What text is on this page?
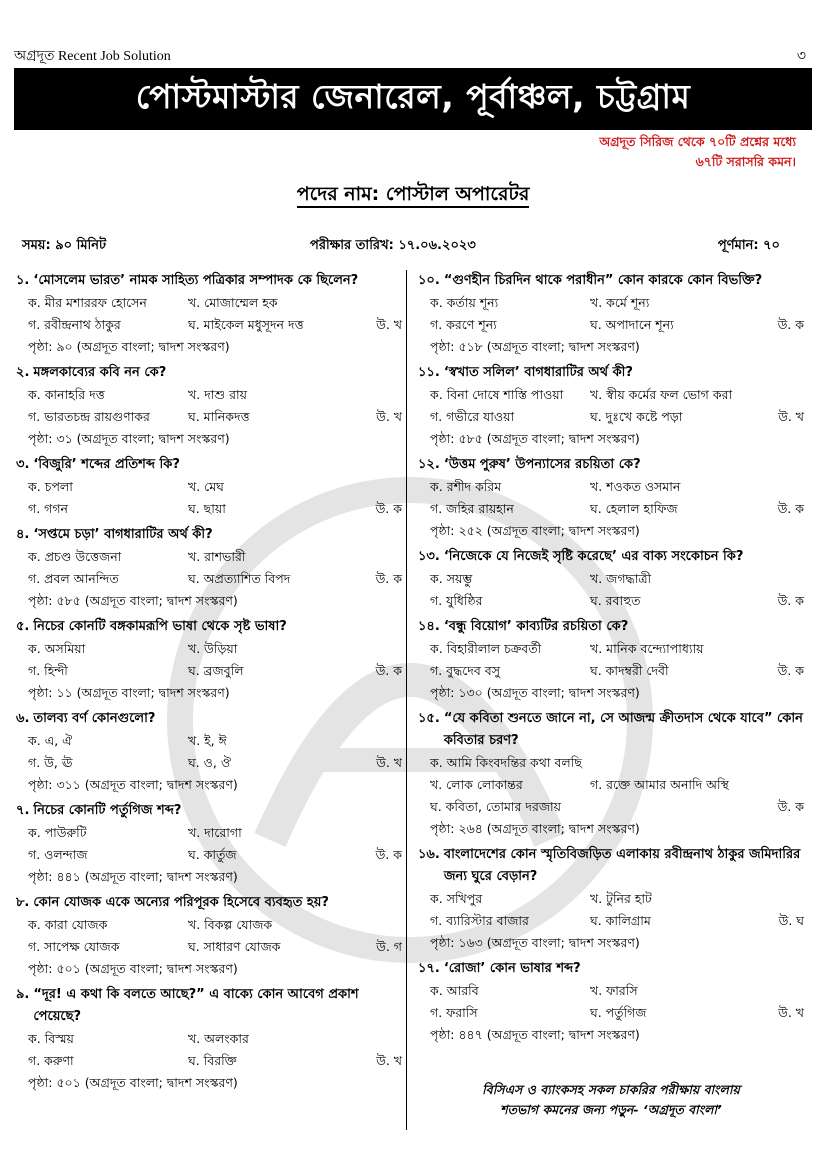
অগ্রদূত Recent Job Solution	৩
পোস্টমাস্টার জেনারেল, পূর্বাঞ্চল, চট্টগ্রাম
অগ্রদূত সিরিজ থেকে ৭০টি প্রশ্নের মধ্যে
৬৭টি সরাসরি কমন।
পদের নাম: পোস্টাল অপারেটর
সময়: ৯০ মিনিট	পরীক্ষার তারিখ: ১৭.০৬.২০২৩	পূর্ণমান: ৭০
১. ‘মোসলেম ভারত’ নামক সাহিত্য পত্রিকার সম্পাদক কে ছিলেন?
ক. মীর মশাররফ হোসেন	খ. মোজাম্মেল হক
গ. রবীন্দ্রনাথ ঠাকুর	ঘ. মাইকেল মধুসূদন দত্ত	উ. খ
পৃষ্ঠা: ৯০ (অগ্রদূত বাংলা; দ্বাদশ সংস্করণ)
২. মঙ্গলকাব্যের কবি নন কে?
ক. কানাহরি দত্ত	খ. দাশু রায়
গ. ভারতচন্দ্র রায়গুণাকর	ঘ. মানিকদত্ত	উ. খ
পৃষ্ঠা: ৩১ (অগ্রদূত বাংলা; দ্বাদশ সংস্করণ)
৩. ‘বিজুরি’ শব্দের প্রতিশব্দ কি?
ক. চপলা	খ. মেঘ
গ. গগন	ঘ. ছায়া	উ. ক
৪. ‘সপ্তমে চড়া’ বাগধারাটির অর্থ কী?
ক. প্রচণ্ড উত্তেজনা	খ. রাশভারী
গ. প্রবল আনন্দিত	ঘ. অপ্রত্যাশিত বিপদ	উ. ক
পৃষ্ঠা: ৫৮৫ (অগ্রদূত বাংলা; দ্বাদশ সংস্করণ)
৫. নিচের কোনটি বঙ্গকামরূপি ভাষা থেকে সৃষ্ট ভাষা?
ক. অসমিয়া	খ. উড়িয়া
গ. হিন্দী	ঘ. ব্রজবুলি	উ. ক
পৃষ্ঠা: ১১ (অগ্রদূত বাংলা; দ্বাদশ সংস্করণ)
৬. তালব্য বর্ণ কোনগুলো?
ক. এ, ঐ	খ. ই, ঈ
গ. উ, ঊ	ঘ. ও, ঔ	উ. খ
পৃষ্ঠা: ৩১১ (অগ্রদূত বাংলা; দ্বাদশ সংস্করণ)
৭. নিচের কোনটি পর্তুগিজ শব্দ?
ক. পাউরুটি	খ. দারোগা
গ. ওলন্দাজ	ঘ. কার্তুজ	উ. ক
পৃষ্ঠা: ৪৪১ (অগ্রদূত বাংলা; দ্বাদশ সংস্করণ)
৮. কোন যোজক একে অন্যের পরিপূরক হিসেবে ব্যবহৃত হয়?
ক. কারা যোজক	খ. বিকল্প যোজক
গ. সাপেক্ষ যোজক	ঘ. সাধারণ যোজক	উ. গ
পৃষ্ঠা: ৫০১ (অগ্রদূত বাংলা; দ্বাদশ সংস্করণ)
৯. “দূর! এ কথা কি বলতে আছে?” এ বাক্যে কোন আবেগ প্রকাশ পেয়েছে?
ক. বিস্ময়	খ. অলংকার
গ. করুণা	ঘ. বিরক্তি	উ. খ
পৃষ্ঠা: ৫০১ (অগ্রদূত বাংলা; দ্বাদশ সংস্করণ)
১০. “গুণহীন চিরদিন থাকে পরাধীন” কোন কারকে কোন বিভক্তি?
ক. কর্তায় শূন্য	খ. কর্মে শূন্য
গ. করণে শূন্য	ঘ. অপাদানে শূন্য	উ. ক
পৃষ্ঠা: ৫১৮ (অগ্রদূত বাংলা; দ্বাদশ সংস্করণ)
১১. ‘স্বখাত সলিল’ বাগধারাটির অর্থ কী?
ক. বিনা দোষে শাস্তি পাওয়া	খ. স্বীয় কর্মের ফল ভোগ করা
গ. গভীরে যাওয়া	ঘ. দুঃখে কষ্টে পড়া	উ. খ
পৃষ্ঠা: ৫৮৫ (অগ্রদূত বাংলা; দ্বাদশ সংস্করণ)
১২. ‘উত্তম পুরুষ’ উপন্যাসের রচয়িতা কে?
ক. রশীদ করিম	খ. শওকত ওসমান
গ. জহির রায়হান	ঘ. হেলাল হাফিজ	উ. ক
পৃষ্ঠা: ২৫২ (অগ্রদূত বাংলা; দ্বাদশ সংস্করণ)
১৩. ‘নিজেকে যে নিজেই সৃষ্টি করেছে’ এর বাক্য সংকোচন কি?
ক. সয়ম্ভু	খ. জগদ্ধাত্রী
গ. যুধিষ্ঠির	ঘ. রবাহুত	উ. ক
১৪. ‘বন্ধু বিয়োগ’ কাব্যটির রচয়িতা কে?
ক. বিহারীলাল চক্রবর্তী	খ. মানিক বন্দ্যোপাধ্যায়
গ. বুদ্ধদেব বসু	ঘ. কাদম্বরী দেবী	উ. ক
পৃষ্ঠা: ১৩০ (অগ্রদূত বাংলা; দ্বাদশ সংস্করণ)
১৫. “যে কবিতা শুনতে জানে না, সে আজন্ম ক্রীতদাস থেকে যাবে” কোন কবিতার চরণ?
ক. আমি কিংবদন্তির কথা বলছি
খ. লোক লোকান্তর	গ. রক্তে আমার অনাদি অস্থি
ঘ. কবিতা, তোমার দরজায়	উ. ক
পৃষ্ঠা: ২৬৪ (অগ্রদূত বাংলা; দ্বাদশ সংস্করণ)
১৬. বাংলাদেশের কোন স্মৃতিবিজড়িত এলাকায় রবীন্দ্রনাথ ঠাকুর জমিদারির জন্য ঘুরে বেড়ান?
ক. সখিপুর	খ. টুনির হাট
গ. ব্যারিস্টার বাজার	ঘ. কালিগ্রাম	উ. ঘ
পৃষ্ঠা: ১৬৩ (অগ্রদূত বাংলা; দ্বাদশ সংস্করণ)
১৭. ‘রোজা’ কোন ভাষার শব্দ?
ক. আরবি	খ. ফারসি
গ. ফরাসি	ঘ. পর্তুগিজ	উ. খ
পৃষ্ঠা: ৪৪৭ (অগ্রদূত বাংলা; দ্বাদশ সংস্করণ)
বিসিএস ও ব্যাংকসহ সকল চাকরির পরীক্ষায় বাংলায়
শতভাগ কমনের জন্য পড়ুন- ‘অগ্রদূত বাংলা’
